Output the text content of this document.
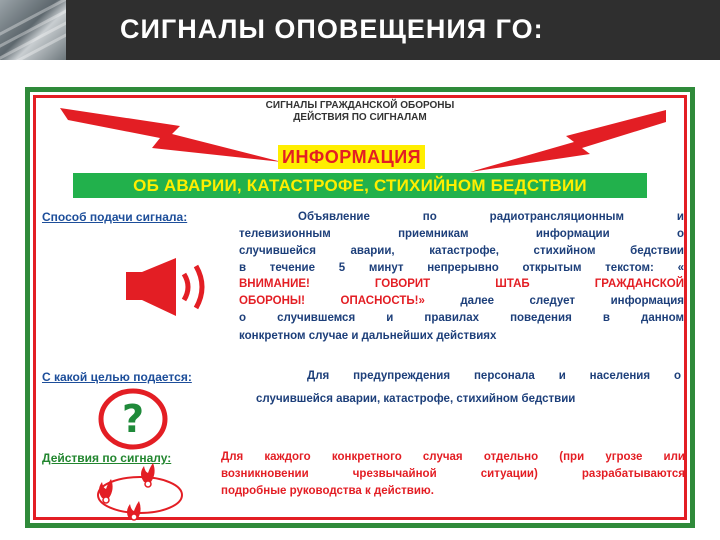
СИГНАЛЫ ОПОВЕЩЕНИЯ ГО:
СИГНАЛЫ ГРАЖДАНСКОЙ ОБОРОНЫ
ДЕЙСТВИЯ ПО СИГНАЛАМ
ИНФОРМАЦИЯ
ОБ АВАРИИ, КАТАСТРОФЕ, СТИХИЙНОМ БЕДСТВИИ
Способ подачи сигнала:	Объявление по радиотрансляционным и
телевизионным приемникам информации о
случившейся аварии, катастрофе, стихийном бедствии
в течение 5 минут непрерывно открытым текстом: «
ВНИМАНИЕ! ГОВОРИТ ШТАБ ГРАЖДАНСКОЙ
ОБОРОНЫ! ОПАСНОСТЬ!» далее следует информация
о случившемся и правилах поведения в данном
конкретном случае и дальнейших действиях
С какой целью подается:	Для предупреждения персонала и населения о
случившейся аварии, катастрофе, стихийном бедствии
?
Действия по сигналу:	Для каждого конкретного случая отдельно (при угрозе или
возникновении чрезвычайной ситуации) разрабатываются
подробные руководства к действию.
